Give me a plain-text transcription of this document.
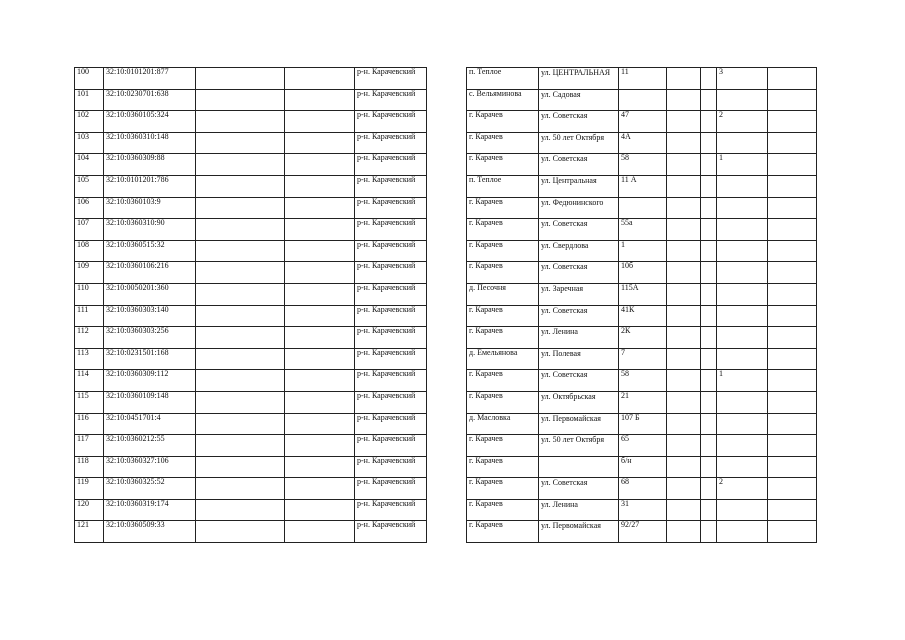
100	32:10:0101201:877			р-н. Карачевский		п. Теплое	ул. ЦЕНТРАЛЬНАЯ	11			3	
101	32:10:0230701:638			р-н. Карачевский		с. Вельяминова	ул. Садовая					
102	32:10:0360105:324			р-н. Карачевский		г. Карачев	ул. Советская	47			2	
103	32:10:0360310:148			р-н. Карачевский		г. Карачев	ул. 50 лет Октября	4А				
104	32:10:0360309:88			р-н. Карачевский		г. Карачев	ул. Советская	58			1	
105	32:10:0101201:786			р-н. Карачевский		п. Теплое	ул. Центральная	11 А				
106	32:10:0360103:9			р-н. Карачевский		г. Карачев	ул. Федюнинского					
107	32:10:0360310:90			р-н. Карачевский		г. Карачев	ул. Советская	55а				
108	32:10:0360515:32			р-н. Карачевский		г. Карачев	ул. Свердлова	1				
109	32:10:0360106:216			р-н. Карачевский		г. Карачев	ул. Советская	10б				
110	32:10:0050201:360			р-н. Карачевский		д. Песочня	ул. Заречная	115А				
111	32:10:0360303:140			р-н. Карачевский		г. Карачев	ул. Советская	41К				
112	32:10:0360303:256			р-н. Карачевский		г. Карачев	ул. Ленина	2К				
113	32:10:0231501:168			р-н. Карачевский		д. Емельянова	ул. Полевая	7				
114	32:10:0360309:112			р-н. Карачевский		г. Карачев	ул. Советская	58			1	
115	32:10:0360109:148			р-н. Карачевский		г. Карачев	ул. Октябрьская	21				
116	32:10:0451701:4			р-н. Карачевский		д. Масловка	ул. Первомайская	107 Б				
117	32:10:0360212:55			р-н. Карачевский		г. Карачев	ул. 50 лет Октября	65				
118	32:10:0360327:106			р-н. Карачевский		г. Карачев		б/н				
119	32:10:0360325:52			р-н. Карачевский		г. Карачев	ул. Советская	68			2	
120	32:10:0360319:174			р-н. Карачевский		г. Карачев	ул. Ленина	31				
121	32:10:0360509:33			р-н. Карачевский		г. Карачев	ул. Первомайская	92/27				
